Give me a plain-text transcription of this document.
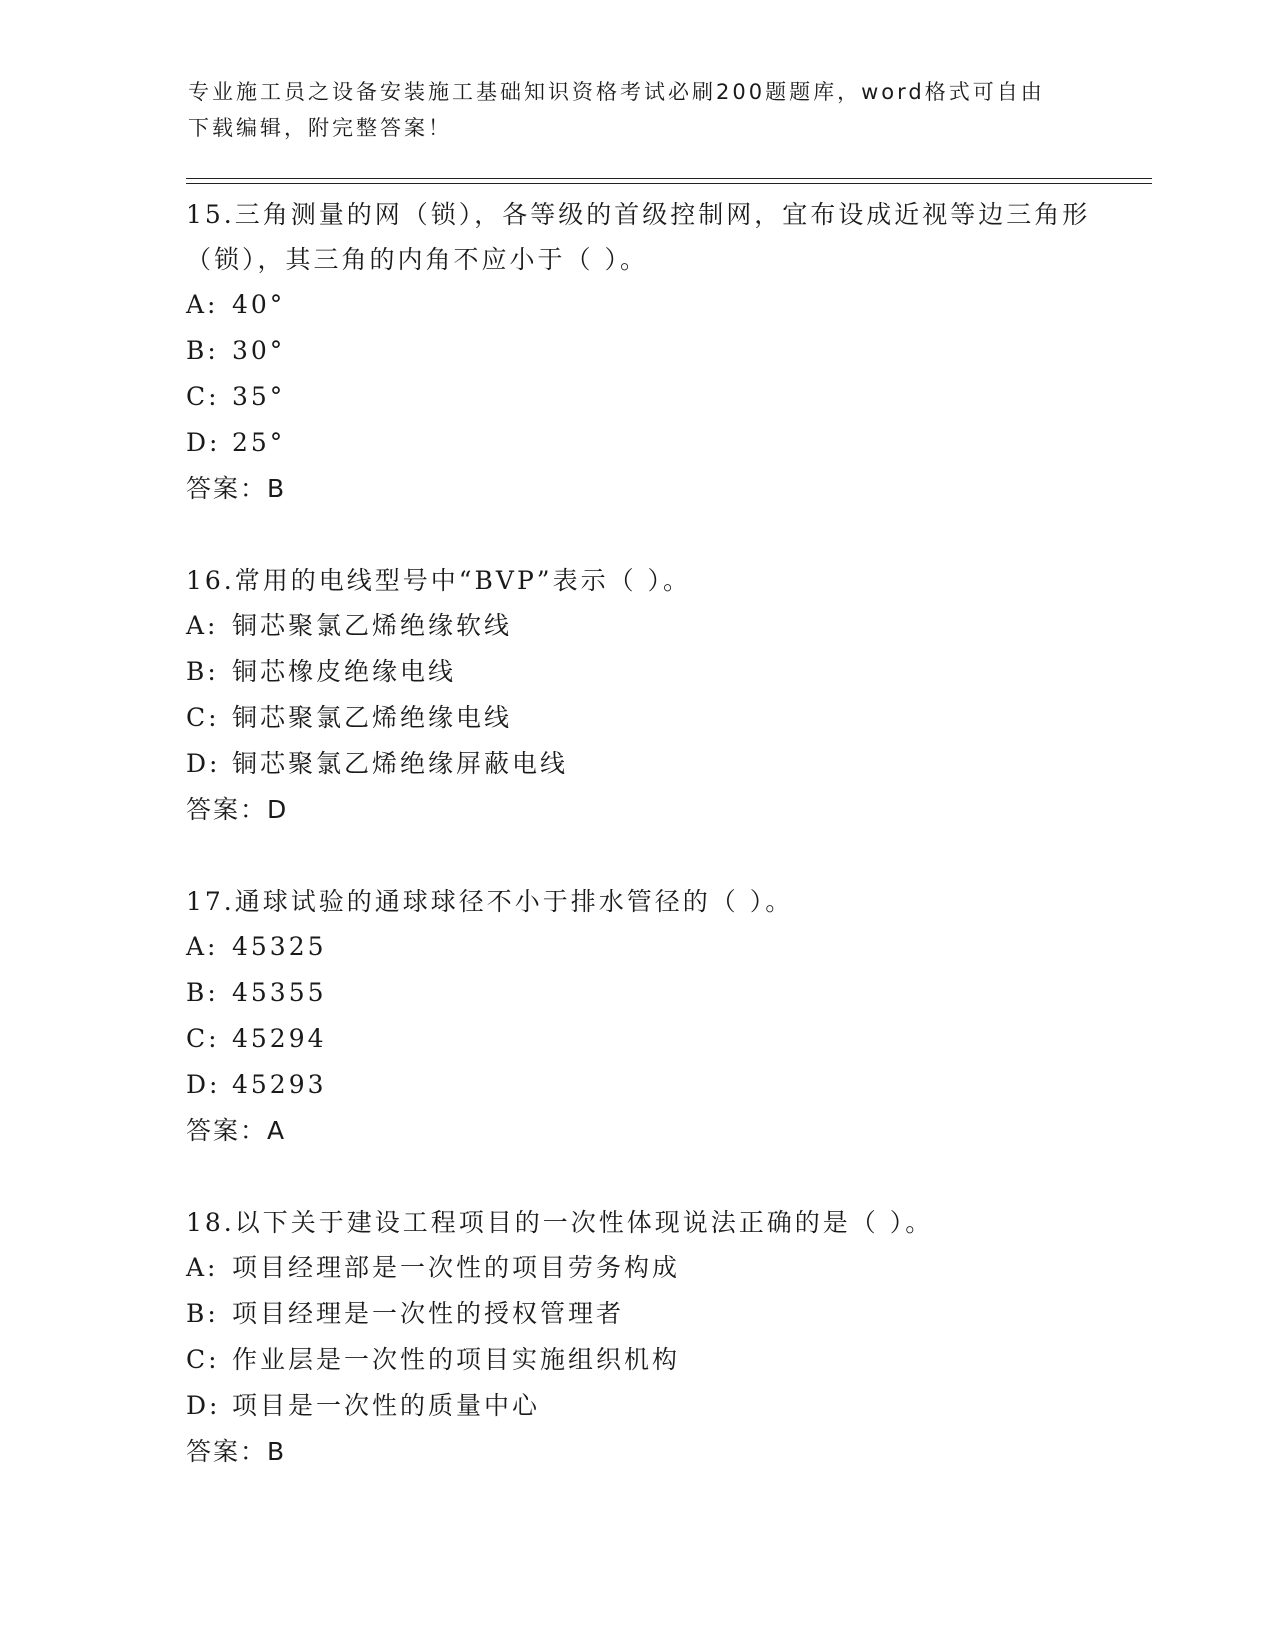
专业施工员之设备安装施工基础知识资格考试必刷200题题库，word格式可自由
下载编辑，附完整答案！

15.三角测量的网（锁），各等级的首级控制网，宜布设成近视等边三角形（锁），其三角的内角不应小于（ ）。

A: 40°

B: 30°

C: 35°

D: 25°

答案：B

16.常用的电线型号中“BVP”表示（ ）。

A: 铜芯聚氯乙烯绝缘软线

B: 铜芯橡皮绝缘电线

C: 铜芯聚氯乙烯绝缘电线

D: 铜芯聚氯乙烯绝缘屏蔽电线

答案：D

17.通球试验的通球球径不小于排水管径的（ ）。

A: 45325

B: 45355

C: 45294

D: 45293

答案：A

18.以下关于建设工程项目的一次性体现说法正确的是（ ）。

A: 项目经理部是一次性的项目劳务构成

B: 项目经理是一次性的授权管理者

C: 作业层是一次性的项目实施组织机构

D: 项目是一次性的质量中心

答案：B
